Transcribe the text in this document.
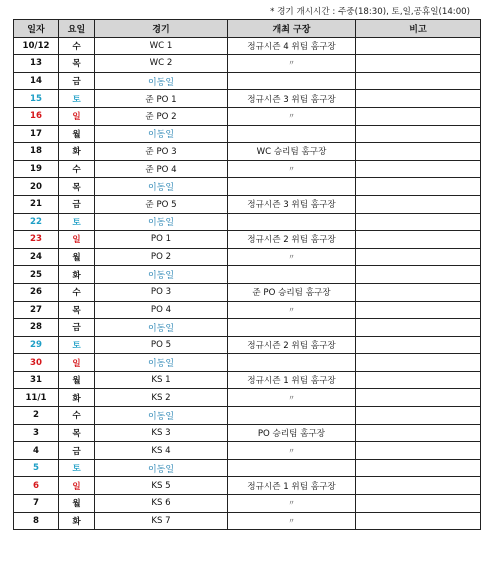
* 경기 개시시간 : 주중(18:30), 토,일,공휴일(14:00)
일자	요일	경기	개최 구장	비고
10/12	수	WC 1	정규시즌 4 위팀 홈구장	
13	목	WC 2	〃	
14	금	이동일		
15	토	준 PO 1	정규시즌 3 위팀 홈구장	
16	일	준 PO 2	〃	
17	월	이동일		
18	화	준 PO 3	WC 승리팀 홈구장	
19	수	준 PO 4	〃	
20	목	이동일		
21	금	준 PO 5	정규시즌 3 위팀 홈구장	
22	토	이동일		
23	일	PO 1	정규시즌 2 위팀 홈구장	
24	월	PO 2	〃	
25	화	이동일		
26	수	PO 3	준 PO 승리팀 홈구장	
27	목	PO 4	〃	
28	금	이동일		
29	토	PO 5	정규시즌 2 위팀 홈구장	
30	일	이동일		
31	월	KS 1	정규시즌 1 위팀 홈구장	
11/1	화	KS 2	〃	
2	수	이동일		
3	목	KS 3	PO 승리팀 홈구장	
4	금	KS 4	〃	
5	토	이동일		
6	일	KS 5	정규시즌 1 위팀 홈구장	
7	월	KS 6	〃	
8	화	KS 7	〃	
